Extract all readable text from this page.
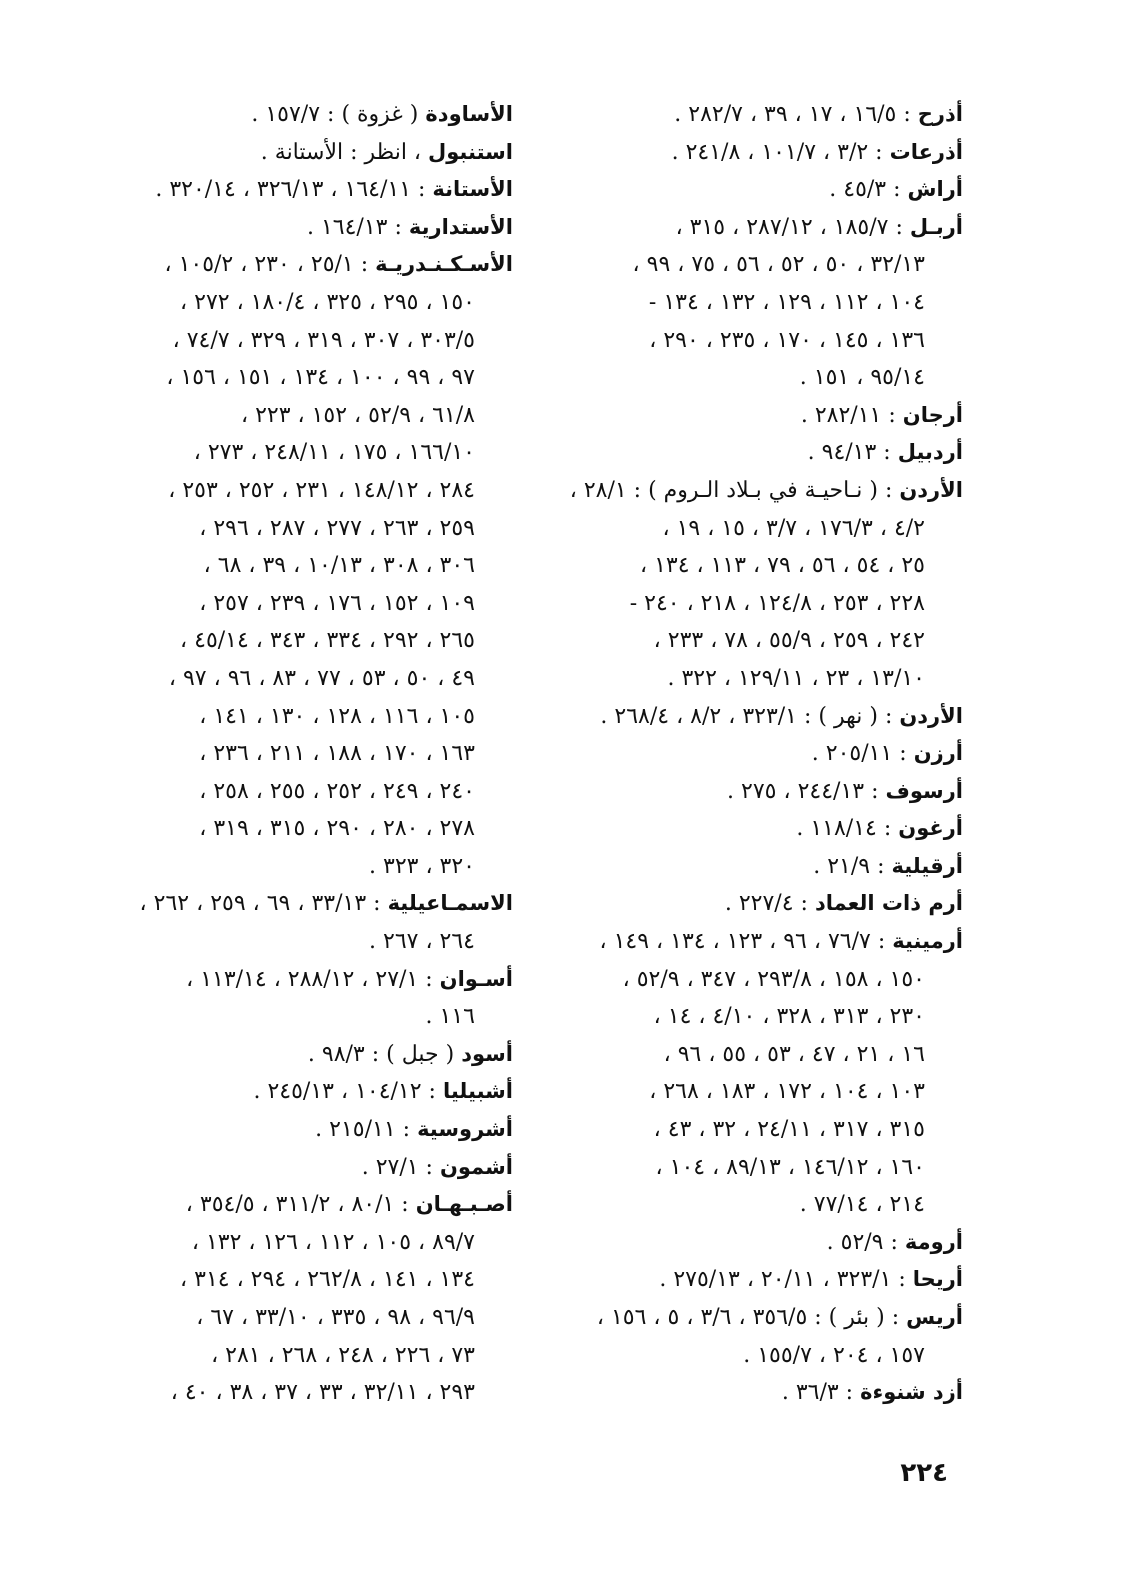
أذرح : ١٦/٥ ، ١٧ ، ٣٩ ، ٢٨٢/٧ .
أذرعات : ٣/٢ ، ١٠١/٧ ، ٢٤١/٨ .
أراش : ٤٥/٣ .
أربـل : ١٨٥/٧ ، ٢٨٧/١٢ ، ٣١٥ ،
٣٢/١٣ ، ٥٠ ، ٥٢ ، ٥٦ ، ٧٥ ، ٩٩ ،
١٠٤ ، ١١٢ ، ١٢٩ ، ١٣٢ ، ١٣٤ -
١٣٦ ، ١٤٥ ، ١٧٠ ، ٢٣٥ ، ٢٩٠ ،
٩٥/١٤ ، ١٥١ .
أرجان : ٢٨٢/١١ .
أردبيل : ٩٤/١٣ .
الأردن : ( نـاحيـة في بـلاد الـروم ) : ٢٨/١ ،
٤/٢ ، ١٧٦/٣ ، ٣/٧ ، ١٥ ، ١٩ ،
٢٥ ، ٥٤ ، ٥٦ ، ٧٩ ، ١١٣ ، ١٣٤ ،
٢٢٨ ، ٢٥٣ ، ١٢٤/٨ ، ٢١٨ ، ٢٤٠ -
٢٤٢ ، ٢٥٩ ، ٥٥/٩ ، ٧٨ ، ٢٣٣ ،
١٣/١٠ ، ٢٣ ، ١٢٩/١١ ، ٣٢٢ .
الأردن : ( نهر ) : ٣٢٣/١ ، ٨/٢ ، ٢٦٨/٤ .
أرزن : ٢٠٥/١١ .
أرسوف : ٢٤٤/١٣ ، ٢٧٥ .
أرغون : ١١٨/١٤ .
أرقيلية : ٢١/٩ .
أرم ذات العماد : ٢٢٧/٤ .
أرمينية : ٧٦/٧ ، ٩٦ ، ١٢٣ ، ١٣٤ ، ١٤٩ ،
١٥٠ ، ١٥٨ ، ٢٩٣/٨ ، ٣٤٧ ، ٥٢/٩ ،
٢٣٠ ، ٣١٣ ، ٣٢٨ ، ٤/١٠ ، ١٤ ،
١٦ ، ٢١ ، ٤٧ ، ٥٣ ، ٥٥ ، ٩٦ ،
١٠٣ ، ١٠٤ ، ١٧٢ ، ١٨٣ ، ٢٦٨ ،
٣١٥ ، ٣١٧ ، ٢٤/١١ ، ٣٢ ، ٤٣ ،
١٦٠ ، ١٤٦/١٢ ، ٨٩/١٣ ، ١٠٤ ،
٢١٤ ، ٧٧/١٤ .
أرومة : ٥٢/٩ .
أريحا : ٣٢٣/١ ، ٢٠/١١ ، ٢٧٥/١٣ .
أريس : ( بئر ) : ٣٥٦/٥ ، ٣/٦ ، ٥ ، ١٥٦ ،
١٥٧ ، ٢٠٤ ، ١٥٥/٧ .
أزد شنوءة : ٣٦/٣ .
الأساودة ( غزوة ) : ١٥٧/٧ .
استنبول ، انظر : الأستانة .
الأستانة : ١٦٤/١١ ، ٣٢٦/١٣ ، ٣٢٠/١٤ .
الأستدارية : ١٦٤/١٣ .
الأسـكـنـدريـة : ٢٥/١ ، ٢٣٠ ، ١٠٥/٢ ،
١٥٠ ، ٢٩٥ ، ٣٢٥ ، ١٨٠/٤ ، ٢٧٢ ،
٣٠٣/٥ ، ٣٠٧ ، ٣١٩ ، ٣٢٩ ، ٧٤/٧ ،
٩٧ ، ٩٩ ، ١٠٠ ، ١٣٤ ، ١٥١ ، ١٥٦ ،
٦١/٨ ، ٥٢/٩ ، ١٥٢ ، ٢٢٣ ،
١٦٦/١٠ ، ١٧٥ ، ٢٤٨/١١ ، ٢٧٣ ،
٢٨٤ ، ١٤٨/١٢ ، ٢٣١ ، ٢٥٢ ، ٢٥٣ ،
٢٥٩ ، ٢٦٣ ، ٢٧٧ ، ٢٨٧ ، ٢٩٦ ،
٣٠٦ ، ٣٠٨ ، ١٠/١٣ ، ٣٩ ، ٦٨ ،
١٠٩ ، ١٥٢ ، ١٧٦ ، ٢٣٩ ، ٢٥٧ ،
٢٦٥ ، ٢٩٢ ، ٣٣٤ ، ٣٤٣ ، ٤٥/١٤ ،
٤٩ ، ٥٠ ، ٥٣ ، ٧٧ ، ٨٣ ، ٩٦ ، ٩٧ ،
١٠٥ ، ١١٦ ، ١٢٨ ، ١٣٠ ، ١٤١ ،
١٦٣ ، ١٧٠ ، ١٨٨ ، ٢١١ ، ٢٣٦ ،
٢٤٠ ، ٢٤٩ ، ٢٥٢ ، ٢٥٥ ، ٢٥٨ ،
٢٧٨ ، ٢٨٠ ، ٢٩٠ ، ٣١٥ ، ٣١٩ ،
٣٢٠ ، ٣٢٣ .
الاسمـاعيلية : ٣٣/١٣ ، ٦٩ ، ٢٥٩ ، ٢٦٢ ،
٢٦٤ ، ٢٦٧ .
أسـوان : ٢٧/١ ، ٢٨٨/١٢ ، ١١٣/١٤ ،
١١٦ .
أسود ( جبل ) : ٩٨/٣ .
أشبيليا : ١٠٤/١٢ ، ٢٤٥/١٣ .
أشروسية : ٢١٥/١١ .
أشمون : ٢٧/١ .
أصـبـهـان : ٨٠/١ ، ٣١١/٢ ، ٣٥٤/٥ ،
٨٩/٧ ، ١٠٥ ، ١١٢ ، ١٢٦ ، ١٣٢ ،
١٣٤ ، ١٤١ ، ٢٦٢/٨ ، ٢٩٤ ، ٣١٤ ،
٩٦/٩ ، ٩٨ ، ٣٣٥ ، ٣٣/١٠ ، ٦٧ ،
٧٣ ، ٢٢٦ ، ٢٤٨ ، ٢٦٨ ، ٢٨١ ،
٢٩٣ ، ٣٢/١١ ، ٣٣ ، ٣٧ ، ٣٨ ، ٤٠ ،
٢٢٤
